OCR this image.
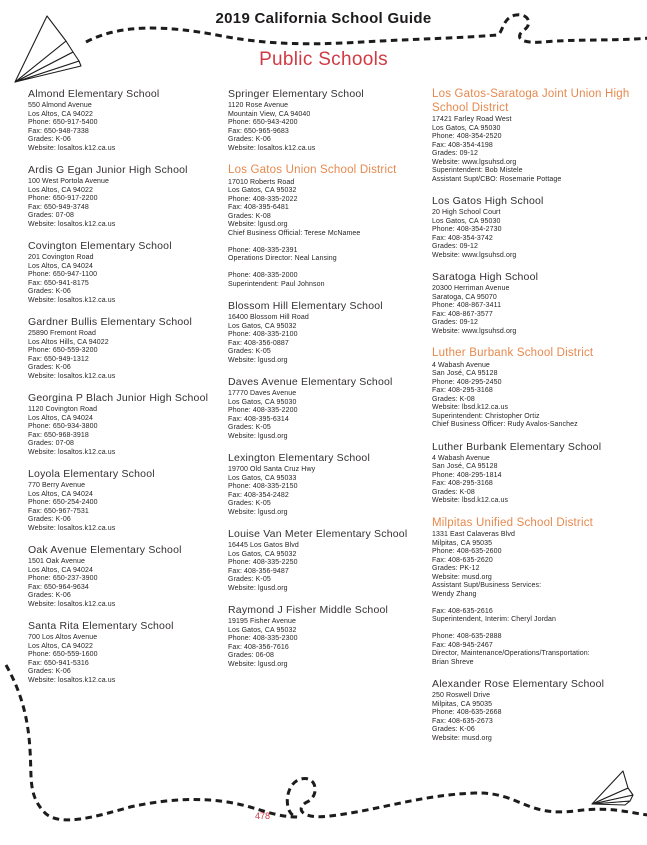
2019 California School Guide
Public Schools
Almond Elementary School
550 Almond Avenue
Los Altos, CA 94022
Phone: 650-917-5400
Fax: 650-948-7338
Grades: K-06
Website: losaltos.k12.ca.us
Ardis G Egan Junior High School
100 West Portola Avenue
Los Altos, CA 94022
Phone: 650-917-2200
Fax: 650-949-3748
Grades: 07-08
Website: losaltos.k12.ca.us
Covington Elementary School
201 Covington Road
Los Altos, CA 94024
Phone: 650-947-1100
Fax: 650-941-8175
Grades: K-06
Website: losaltos.k12.ca.us
Gardner Bullis Elementary School
25890 Fremont Road
Los Altos Hills, CA 94022
Phone: 650-559-3200
Fax: 650-949-1312
Grades: K-06
Website: losaltos.k12.ca.us
Georgina P Blach Junior High School
1120 Covington Road
Los Altos, CA 94024
Phone: 650-934-3800
Fax: 650-968-3918
Grades: 07-08
Website: losaltos.k12.ca.us
Loyola Elementary School
770 Berry Avenue
Los Altos, CA 94024
Phone: 650-254-2400
Fax: 650-967-7531
Grades: K-06
Website: losaltos.k12.ca.us
Oak Avenue Elementary School
1501 Oak Avenue
Los Altos, CA 94024
Phone: 650-237-3900
Fax: 650-964-9634
Grades: K-06
Website: losaltos.k12.ca.us
Santa Rita Elementary School
700 Los Altos Avenue
Los Altos, CA 94022
Phone: 650-559-1600
Fax: 650-941-5316
Grades: K-06
Website: losaltos.k12.ca.us
Springer Elementary School
1120 Rose Avenue
Mountain View, CA 94040
Phone: 650-943-4200
Fax: 650-965-9683
Grades: K-06
Website: losaltos.k12.ca.us
Los Gatos Union School District
17010 Roberts Road
Los Gatos, CA 95032
Phone: 408-335-2022
Fax: 408-395-6481
Grades: K-08
Website: lgusd.org
Chief Business Official: Terese McNamee
Phone: 408-335-2391
Operations Director: Neal Lansing
Phone: 408-335-2000
Superintendent: Paul Johnson
Blossom Hill Elementary School
16400 Blossom Hill Road
Los Gatos, CA 95032
Phone: 408-335-2100
Fax: 408-356-0887
Grades: K-05
Website: lgusd.org
Daves Avenue Elementary School
17770 Daves Avenue
Los Gatos, CA 95030
Phone: 408-335-2200
Fax: 408-395-6314
Grades: K-05
Website: lgusd.org
Lexington Elementary School
19700 Old Santa Cruz Hwy
Los Gatos, CA 95033
Phone: 408-335-2150
Fax: 408-354-2482
Grades: K-05
Website: lgusd.org
Louise Van Meter Elementary School
16445 Los Gatos Blvd
Los Gatos, CA 95032
Phone: 408-335-2250
Fax: 408-356-9487
Grades: K-05
Website: lgusd.org
Raymond J Fisher Middle School
19195 Fisher Avenue
Los Gatos, CA 95032
Phone: 408-335-2300
Fax: 408-356-7616
Grades: 06-08
Website: lgusd.org
Los Gatos-Saratoga Joint Union High School District
17421 Farley Road West
Los Gatos, CA 95030
Phone: 408-354-2520
Fax: 408-354-4198
Grades: 09-12
Website: www.lgsuhsd.org
Superintendent: Bob Mistele
Assistant Supt/CBO: Rosemarie Pottage
Los Gatos High School
20 High School Court
Los Gatos, CA 95030
Phone: 408-354-2730
Fax: 408-354-3742
Grades: 09-12
Website: www.lgsuhsd.org
Saratoga High School
20300 Herriman Avenue
Saratoga, CA 95070
Phone: 408-867-3411
Fax: 408-867-3577
Grades: 09-12
Website: www.lgsuhsd.org
Luther Burbank School District
4 Wabash Avenue
San José, CA 95128
Phone: 408-295-2450
Fax: 408-295-3168
Grades: K-08
Website: lbsd.k12.ca.us
Superintendent: Christopher Ortiz
Chief Business Officer: Rudy Avalos-Sanchez
Luther Burbank Elementary School
4 Wabash Avenue
San José, CA 95128
Phone: 408-295-1814
Fax: 408-295-3168
Grades: K-08
Website: lbsd.k12.ca.us
Milpitas Unified School District
1331 East Calaveras Blvd
Milpitas, CA 95035
Phone: 408-635-2600
Fax: 408-635-2620
Grades: PK-12
Website: musd.org
Assistant Supt/Business Services:
Wendy Zhang
Fax: 408-635-2616
Superintendent, Interim: Cheryl Jordan
Phone: 408-635-2888
Fax: 408-945-2467
Director, Maintenance/Operations/Transportation:
Brian Shreve
Alexander Rose Elementary School
250 Roswell Drive
Milpitas, CA 95035
Phone: 408-635-2668
Fax: 408-635-2673
Grades: K-06
Website: musd.org
478
